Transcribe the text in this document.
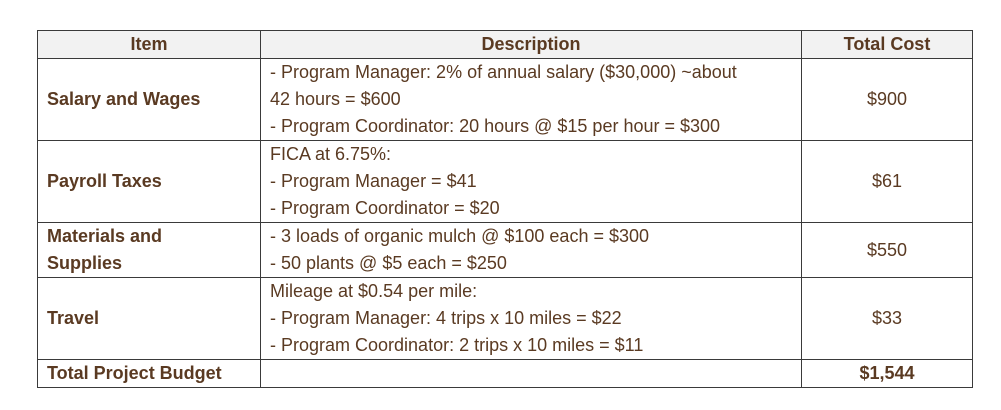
Item	Description	Total Cost
Salary and Wages	- Program Manager: 2% of annual salary ($30,000) ~about
42 hours = $600
- Program Coordinator: 20 hours @ $15 per hour = $300	$900
Payroll Taxes	FICA at 6.75%:
- Program Manager = $41
- Program Coordinator = $20	$61

Materials and
Supplies	- 3 loads of organic mulch @ $100 each = $300
- 50 plants @ $5 each = $250	$550
Travel	Mileage at $0.54 per mile:
- Program Manager: 4 trips x 10 miles = $22
- Program Coordinator: 2 trips x 10 miles = $11	$33
Total Project Budget		$1,544
